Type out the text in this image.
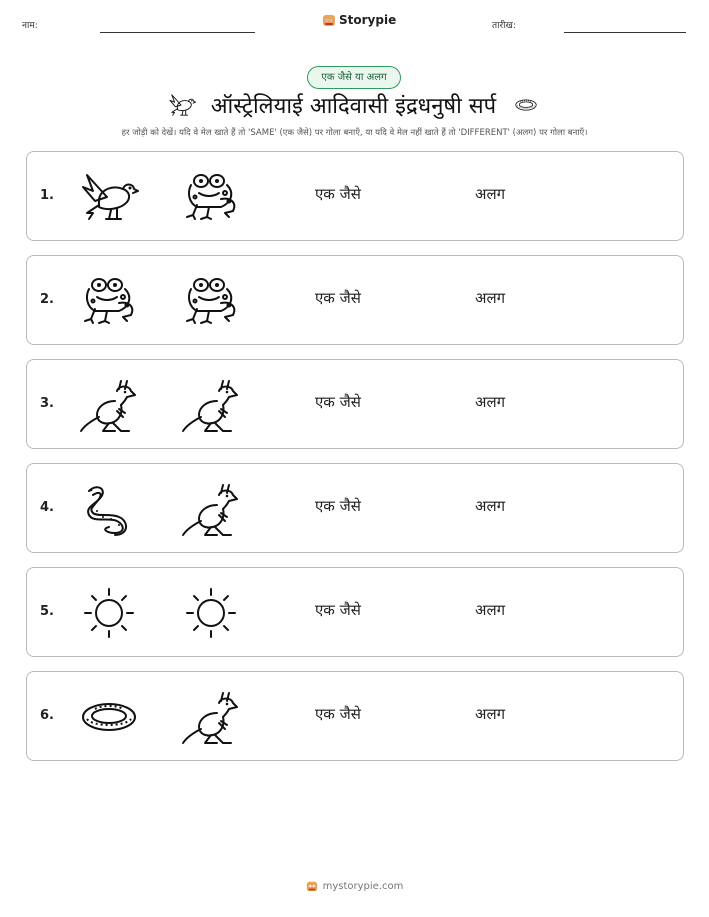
नाम:	Storypie	तारीख:
एक जैसे या अलग
ऑस्ट्रेलियाई आदिवासी इंद्रधनुषी सर्प
हर जोड़ी को देखें। यदि वे मेल खाते हैं तो 'SAME' (एक जैसे) पर गोला बनाएँ, या यदि वे मेल नहीं खाते हैं तो 'DIFFERENT' (अलग) पर गोला बनाएँ।
1.	एक जैसे	अलग
2.	एक जैसे	अलग
3.	एक जैसे	अलग
4.	एक जैसे	अलग
5.	एक जैसे	अलग
6.	एक जैसे	अलग
mystorypie.com
